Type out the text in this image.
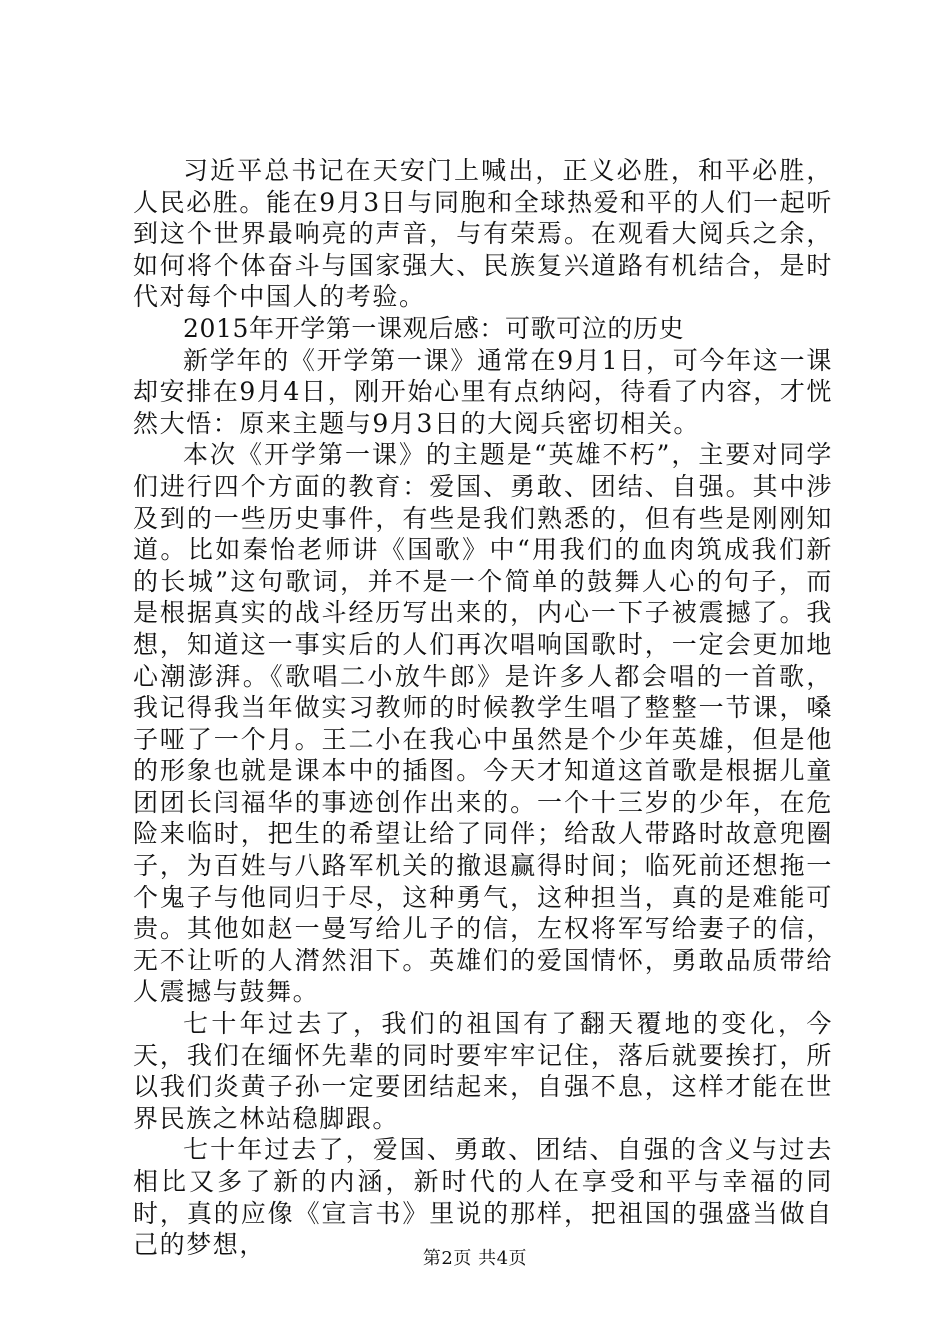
习近平总书记在天安门上喊出，正义必胜，和平必胜，人民必胜。能在9月3日与同胞和全球热爱和平的人们一起听到这个世界最响亮的声音，与有荣焉。在观看大阅兵之余，如何将个体奋斗与国家强大、民族复兴道路有机结合，是时代对每个中国人的考验。

2015年开学第一课观后感：可歌可泣的历史

新学年的《开学第一课》通常在9月1日，可今年这一课却安排在9月4日，刚开始心里有点纳闷，待看了内容，才恍然大悟：原来主题与9月3日的大阅兵密切相关。

本次《开学第一课》的主题是“英雄不朽”，主要对同学们进行四个方面的教育：爱国、勇敢、团结、自强。其中涉及到的一些历史事件，有些是我们熟悉的，但有些是刚刚知道。比如秦怡老师讲《国歌》中“用我们的血肉筑成我们新的长城”这句歌词，并不是一个简单的鼓舞人心的句子，而是根据真实的战斗经历写出来的，内心一下子被震撼了。我想，知道这一事实后的人们再次唱响国歌时，一定会更加地心潮澎湃。《歌唱二小放牛郎》是许多人都会唱的一首歌，我记得我当年做实习教师的时候教学生唱了整整一节课，嗓子哑了一个月。王二小在我心中虽然是个少年英雄，但是他的形象也就是课本中的插图。今天才知道这首歌是根据儿童团团长闫福华的事迹创作出来的。一个十三岁的少年，在危险来临时，把生的希望让给了同伴；给敌人带路时故意兜圈子，为百姓与八路军机关的撤退赢得时间；临死前还想拖一个鬼子与他同归于尽，这种勇气，这种担当，真的是难能可贵。其他如赵一曼写给儿子的信，左权将军写给妻子的信，无不让听的人潸然泪下。英雄们的爱国情怀，勇敢品质带给人震撼与鼓舞。

七十年过去了，我们的祖国有了翻天覆地的变化，今天，我们在缅怀先辈的同时要牢牢记住，落后就要挨打，所以我们炎黄子孙一定要团结起来，自强不息，这样才能在世界民族之林站稳脚跟。

七十年过去了，爱国、勇敢、团结、自强的含义与过去相比又多了新的内涵，新时代的人在享受和平与幸福的同时，真的应像《宣言书》里说的那样，把祖国的强盛当做自己的梦想，	第2页 共4页
